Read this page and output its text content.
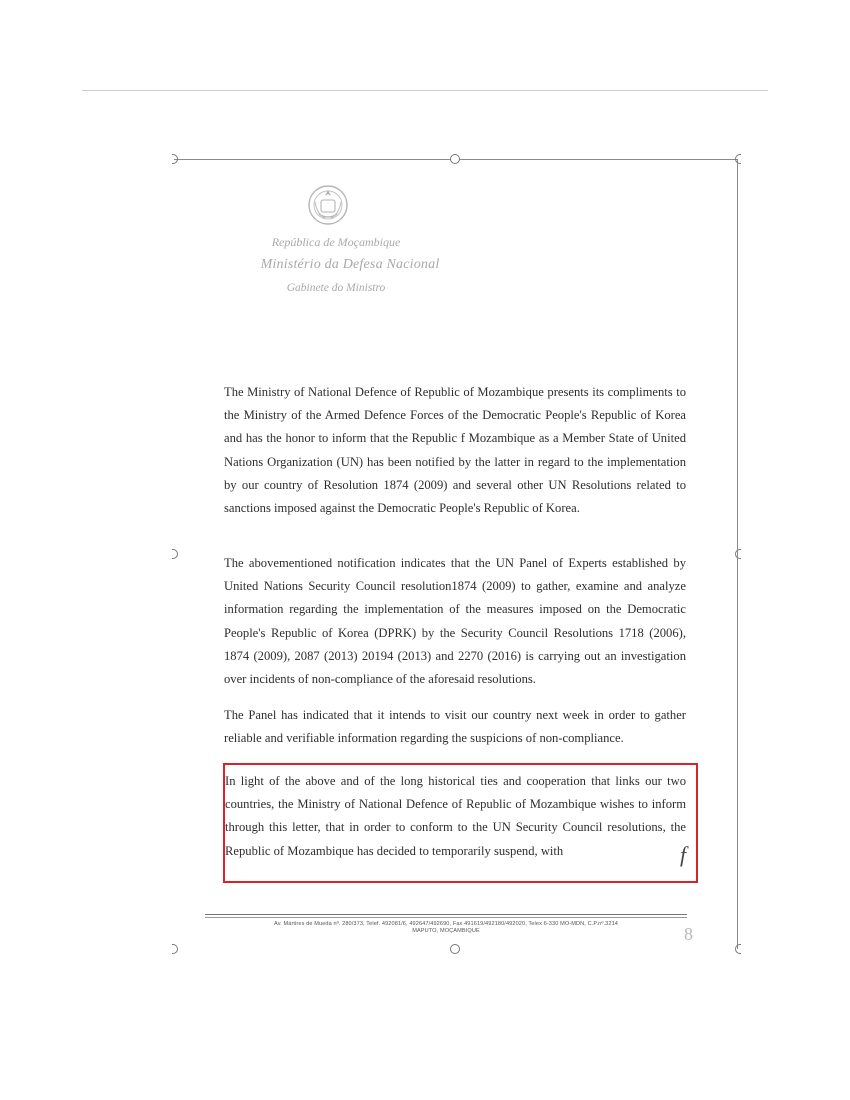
República de Moçambique
Ministério da Defesa Nacional
Gabinete do Ministro
The Ministry of National Defence of Republic of Mozambique presents its compliments to the Ministry of the Armed Defence Forces of the Democratic People's Republic of Korea and has the honor to inform that the Republic f Mozambique as a Member State of United Nations Organization (UN) has been notified by the latter in regard to the implementation by our country of Resolution 1874 (2009) and several other UN Resolutions related to sanctions imposed against the Democratic People's Republic of Korea.
The abovementioned notification indicates that the UN Panel of Experts established by United Nations Security Council resolution1874 (2009) to gather, examine and analyze information regarding the implementation of the measures imposed on the Democratic People's Republic of Korea (DPRK) by the Security Council Resolutions 1718 (2006), 1874 (2009), 2087 (2013) 20194 (2013) and 2270 (2016) is carrying out an investigation over incidents of non-compliance of the aforesaid resolutions.
The Panel has indicated that it intends to visit our country next week in order to gather reliable and verifiable information regarding the suspicions of non-compliance.
In light of the above and of the long historical ties and cooperation that links our two countries, the Ministry of National Defence of Republic of Mozambique wishes to inform through this letter, that in order to conform to the UN Security Council resolutions, the Republic of Mozambique has decided to temporarily suspend, with	f
Av. Mártires de Mueda nº. 280/373, Telef. 492081/6, 492647/492690, Fax 491619/492180/492020, Telex 6-330 MO-MDN, C.P.nº.3214
MAPUTO, MOÇAMBIQUE	8
